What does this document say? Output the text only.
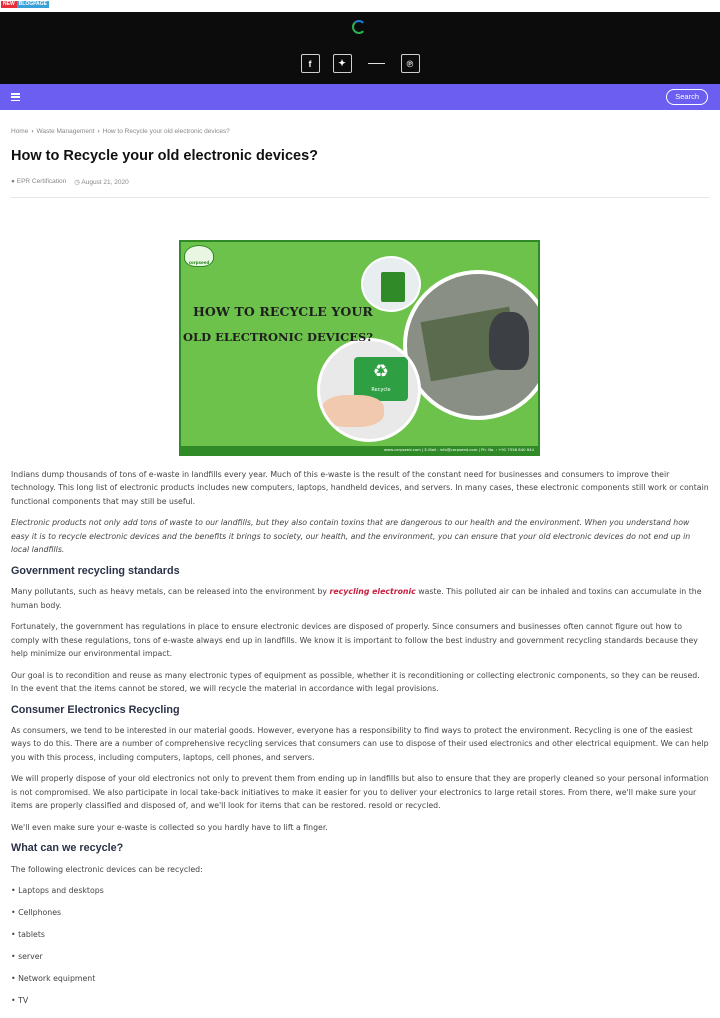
NEW BLOGPAGE
f	✦	℗
Search
Home › Waste Management › How to Recycle your old electronic devices?
How to Recycle your old electronic devices?
● EPR Certification ◷ August 21, 2020
corpseed
♻
Recycle
HOW TO RECYCLE YOUR
OLD ELECTRONIC DEVICES?
www.corpseed.com | E-Mail : info@corpseed.com | Ph. No. : +91 7558 640 644

Indians dump thousands of tons of e-waste in landfills every year. Much of this e-waste is the result of the constant need for businesses and consumers to improve their technology. This long list of electronic products includes new computers, laptops, handheld devices, and servers. In many cases, these electronic components still work or contain functional components that may still be useful.

Electronic products not only add tons of waste to our landfills, but they also contain toxins that are dangerous to our health and the environment. When you understand how easy it is to recycle electronic devices and the benefits it brings to society, our health, and the environment, you can ensure that your old electronic devices do not end up in local landfills.

Government recycling standards

Many pollutants, such as heavy metals, can be released into the environment by recycling electronic waste. This polluted air can be inhaled and toxins can accumulate in the human body.

Fortunately, the government has regulations in place to ensure electronic devices are disposed of properly. Since consumers and businesses often cannot figure out how to comply with these regulations, tons of e-waste always end up in landfills. We know it is important to follow the best industry and government recycling standards because they help minimize our environmental impact.

Our goal is to recondition and reuse as many electronic types of equipment as possible, whether it is reconditioning or collecting electronic components, so they can be reused. In the event that the items cannot be stored, we will recycle the material in accordance with legal provisions.

Consumer Electronics Recycling

As consumers, we tend to be interested in our material goods. However, everyone has a responsibility to find ways to protect the environment. Recycling is one of the easiest ways to do this. There are a number of comprehensive recycling services that consumers can use to dispose of their used electronics and other electrical equipment. We can help you with this process, including computers, laptops, cell phones, and servers.

We will properly dispose of your old electronics not only to prevent them from ending up in landfills but also to ensure that they are properly cleaned so your personal information is not compromised. We also participate in local take-back initiatives to make it easier for you to deliver your electronics to large retail stores. From there, we'll make sure your items are properly classified and disposed of, and we'll look for items that can be restored. resold or recycled.

We'll even make sure your e-waste is collected so you hardly have to lift a finger.

What can we recycle?

The following electronic devices can be recycled:

• Laptops and desktops
• Cellphones
• tablets
• server
• Network equipment
• TV
